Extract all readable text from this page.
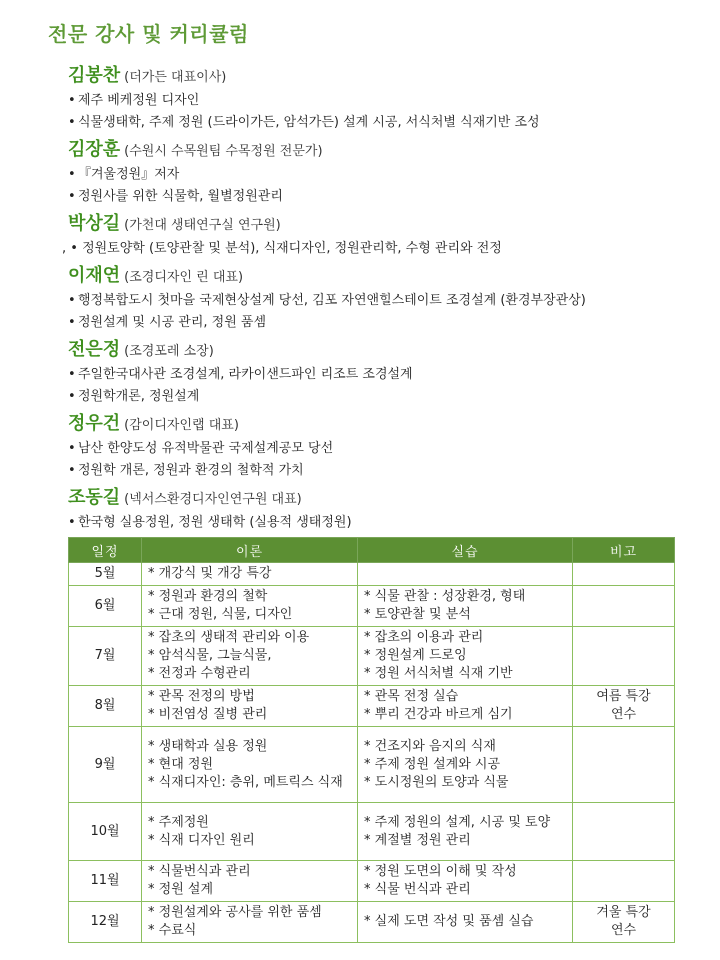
전문 강사 및 커리큘럼
김봉찬 (더가든 대표이사)
• 제주 베케정원 디자인
• 식물생태학, 주제 정원 (드라이가든, 암석가든) 설계 시공, 서식처별 식재기반 조성
김장훈 (수원시 수목원팀 수목정원 전문가)
• 『겨울정원』저자
• 정원사를 위한 식물학, 월별정원관리
박상길 (가천대 생태연구실 연구원)
, • 정원토양학 (토양관찰 및 분석), 식재디자인, 정원관리학, 수형 관리와 전정
이재연 (조경디자인 린 대표)
• 행정복합도시 첫마을 국제현상설계 당선, 김포 자연앤힐스테이트 조경설계 (환경부장관상)
• 정원설계 및 시공 관리, 정원 품셈
전은정 (조경포레 소장)
• 주일한국대사관 조경설계, 라카이샌드파인 리조트 조경설계
• 정원학개론, 정원설계
정우건 (감이디자인랩 대표)
• 남산 한양도성 유적박물관 국제설계공모 당선
• 정원학 개론, 정원과 환경의 철학적 가치
조동길 (넥서스환경디자인연구원 대표)
• 한국형 실용정원, 정원 생태학 (실용적 생태정원)
일정	이론	실습	비고
5월	* 개강식 및 개강 특강		

6월	* 정원과 환경의 철학
* 근대 정원, 식물, 디자인	* 식물 관찰 : 성장환경, 형태
* 토양관찰 및 분석	

7월	* 잡초의 생태적 관리와 이용
* 암석식물, 그늘식물,
* 전정과 수형관리	* 잡초의 이용과 관리
* 정원설계 드로잉
* 정원 서식처별 식재 기반	

8월	* 관목 전정의 방법
* 비전염성 질병 관리	* 관목 전정 실습
* 뿌리 건강과 바르게 심기	여름 특강
연수

9월	* 생태학과 실용 정원
* 현대 정원
* 식재디자인: 층위, 메트릭스 식재	* 건조지와 음지의 식재
* 주제 정원 설계와 시공
* 도시정원의 토양과 식물	

10월	* 주제정원
* 식재 디자인 원리	* 주제 정원의 설계, 시공 및 토양
* 계절별 정원 관리	

11월	* 식물번식과 관리
* 정원 설계	* 정원 도면의 이해 및 작성
* 식물 번식과 관리	

12월	* 정원설계와 공사를 위한 품셈
* 수료식	* 실제 도면 작성 및 품셈 실습	겨울 특강
연수
